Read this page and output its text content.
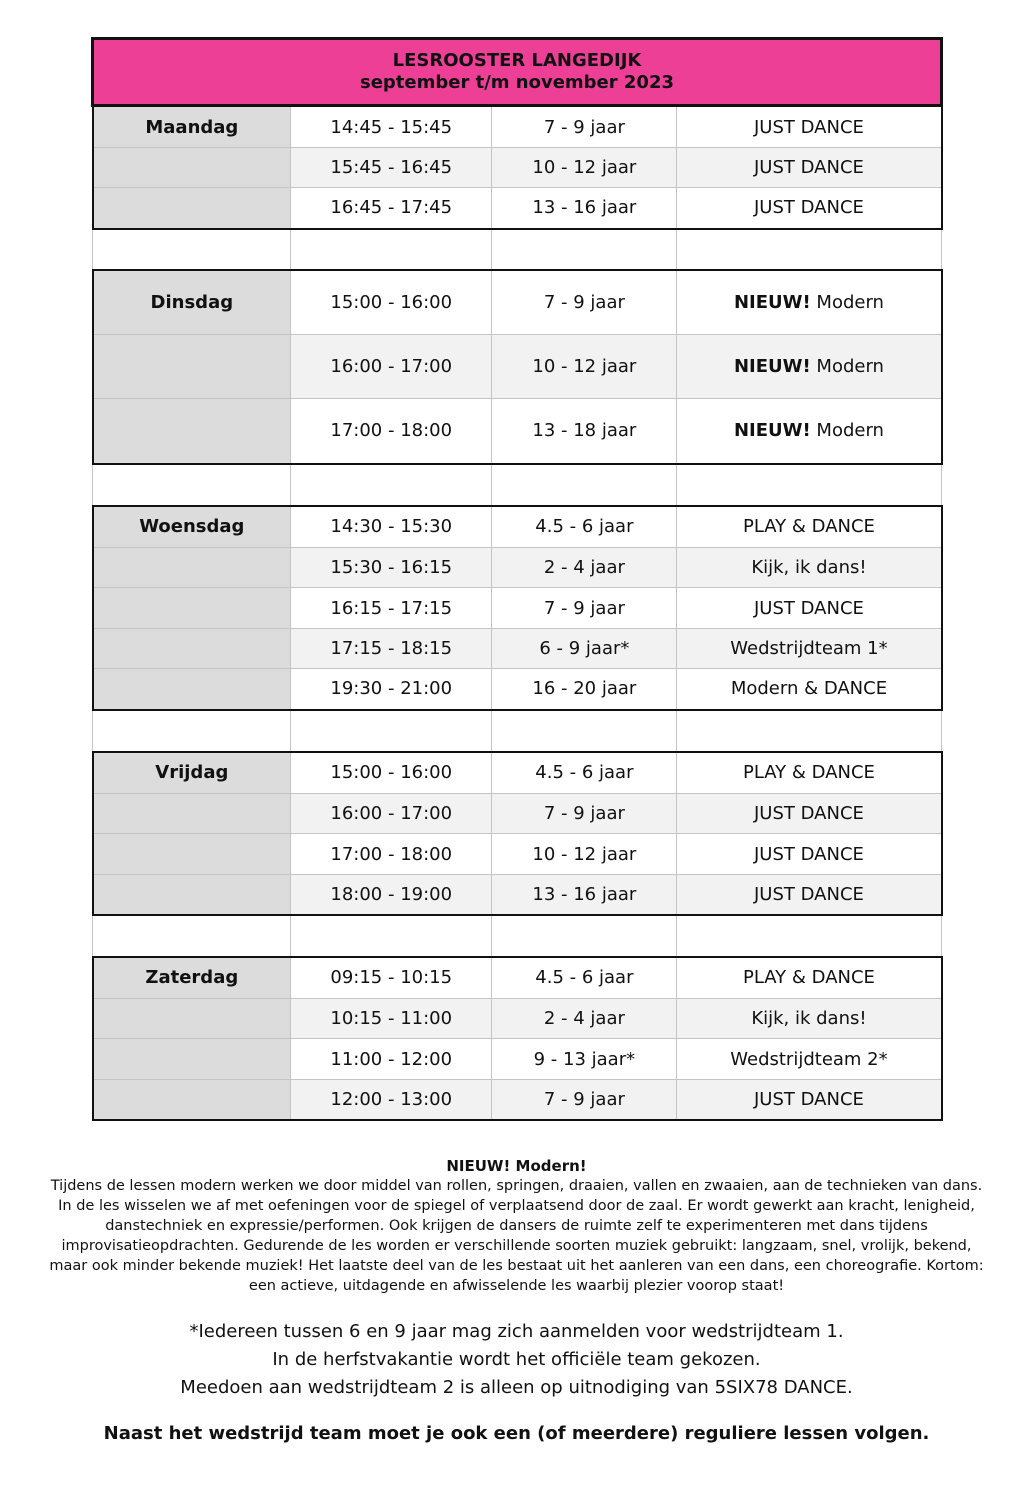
LESROOSTER LANGEDIJK
september t/m november 2023			

Maandag	14:45 - 15:45	7 - 9 jaar	JUST DANCE
	15:45 - 16:45	10 - 12 jaar	JUST DANCE
	16:45 - 17:45	13 - 16 jaar	JUST DANCE

Dinsdag	15:00 - 16:00	7 - 9 jaar	NIEUW! Modern
	16:00 - 17:00	10 - 12 jaar	NIEUW! Modern
	17:00 - 18:00	13 - 18 jaar	NIEUW! Modern

Woensdag	14:30 - 15:30	4.5 - 6 jaar	PLAY & DANCE
	15:30 - 16:15	2 - 4 jaar	Kijk, ik dans!
	16:15 - 17:15	7 - 9 jaar	JUST DANCE
	17:15 - 18:15	6 - 9 jaar*	Wedstrijdteam 1*
	19:30 - 21:00	16 - 20 jaar	Modern & DANCE

Vrijdag	15:00 - 16:00	4.5 - 6 jaar	PLAY & DANCE
	16:00 - 17:00	7 - 9 jaar	JUST DANCE
	17:00 - 18:00	10 - 12 jaar	JUST DANCE
	18:00 - 19:00	13 - 16 jaar	JUST DANCE

Zaterdag	09:15 - 10:15	4.5 - 6 jaar	PLAY & DANCE
	10:15 - 11:00	2 - 4 jaar	Kijk, ik dans!
	11:00 - 12:00	9 - 13 jaar*	Wedstrijdteam 2*
	12:00 - 13:00	7 - 9 jaar	JUST DANCE
NIEUW! Modern!
Tijdens de lessen modern werken we door middel van rollen, springen, draaien, vallen en zwaaien, aan de technieken van dans. In de les wisselen we af met oefeningen voor de spiegel of verplaatsend door de zaal. Er wordt gewerkt aan kracht, lenigheid, danstechniek en expressie/performen. Ook krijgen de dansers de ruimte zelf te experimenteren met dans tijdens improvisatieopdrachten. Gedurende de les worden er verschillende soorten muziek gebruikt: langzaam, snel, vrolijk, bekend, maar ook minder bekende muziek! Het laatste deel van de les bestaat uit het aanleren van een dans, een choreografie. Kortom: een actieve, uitdagende en afwisselende les waarbij plezier voorop staat!
*Iedereen tussen 6 en 9 jaar mag zich aanmelden voor wedstrijdteam 1.
In de herfstvakantie wordt het officiële team gekozen.
Meedoen aan wedstrijdteam 2 is alleen op uitnodiging van 5SIX78 DANCE.
Naast het wedstrijd team moet je ook een (of meerdere) reguliere lessen volgen.
